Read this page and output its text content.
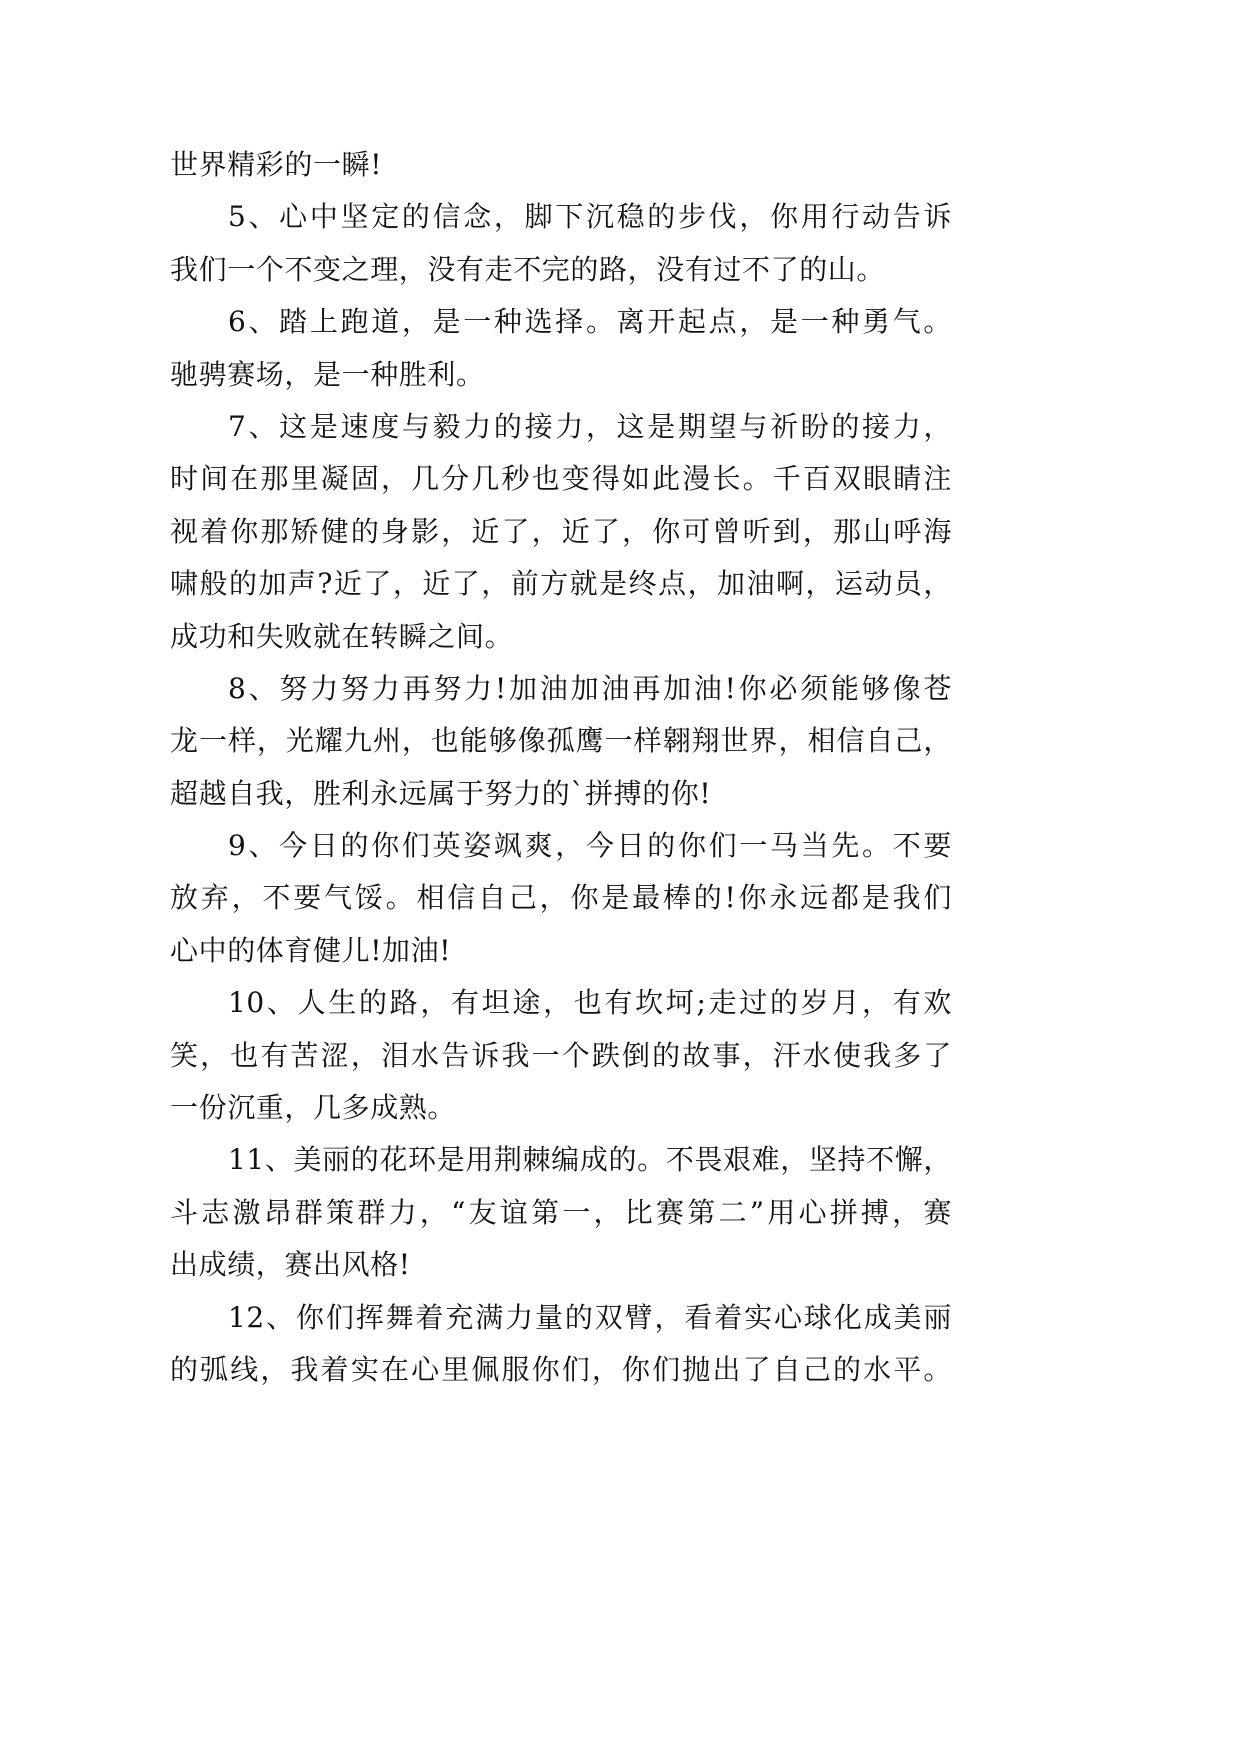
世界精彩的一瞬!
5、心中坚定的信念，脚下沉稳的步伐，你用行动告诉
我们一个不变之理，没有走不完的路，没有过不了的山。
6、踏上跑道，是一种选择。离开起点，是一种勇气。
驰骋赛场，是一种胜利。
7、这是速度与毅力的接力，这是期望与祈盼的接力，
时间在那里凝固，几分几秒也变得如此漫长。千百双眼睛注
视着你那矫健的身影，近了，近了，你可曾听到，那山呼海
啸般的加声?近了，近了，前方就是终点，加油啊，运动员，
成功和失败就在转瞬之间。
8、努力努力再努力!加油加油再加油!你必须能够像苍
龙一样，光耀九州，也能够像孤鹰一样翱翔世界，相信自己，
超越自我，胜利永远属于努力的`拼搏的你!
9、今日的你们英姿飒爽，今日的你们一马当先。不要
放弃，不要气馁。相信自己，你是最棒的!你永远都是我们
心中的体育健儿!加油!
10、人生的路，有坦途，也有坎坷;走过的岁月，有欢
笑，也有苦涩，泪水告诉我一个跌倒的故事，汗水使我多了
一份沉重，几多成熟。
11、美丽的花环是用荆棘编成的。不畏艰难，坚持不懈，
斗志激昂群策群力，“友谊第一，比赛第二”用心拼搏，赛
出成绩，赛出风格!
12、你们挥舞着充满力量的双臂，看着实心球化成美丽
的弧线，我着实在心里佩服你们，你们抛出了自己的水平。
